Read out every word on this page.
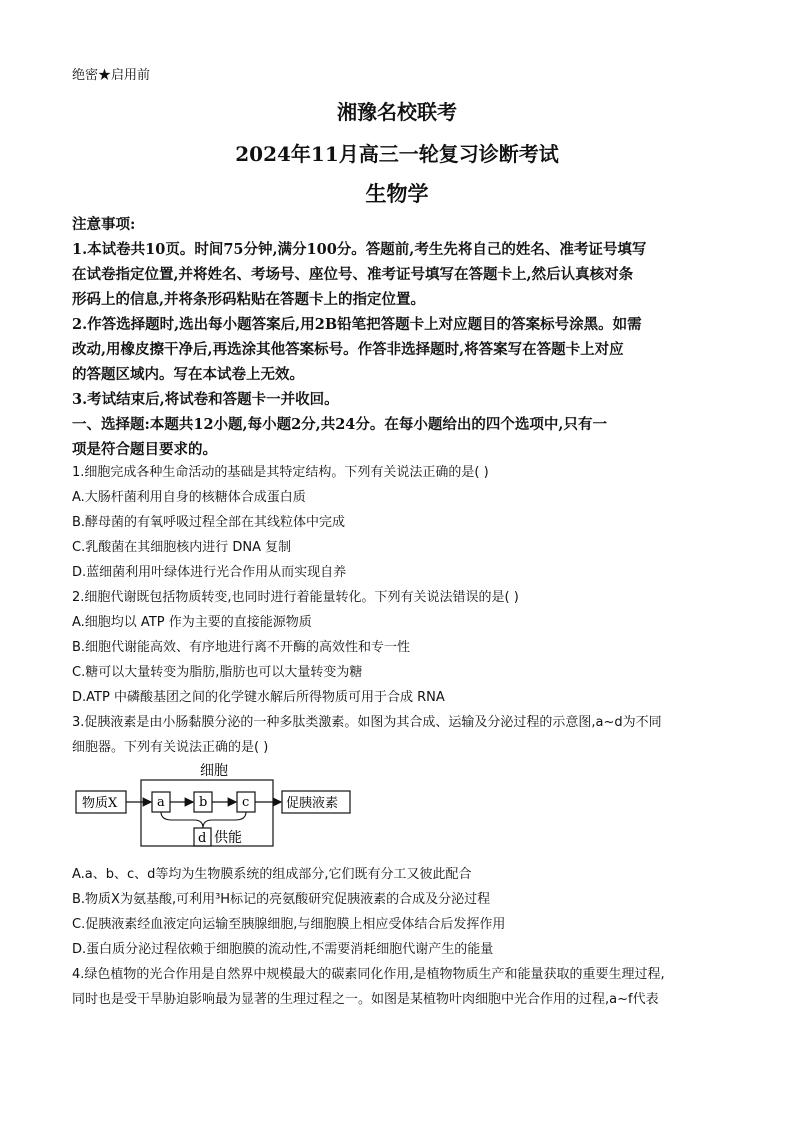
绝密★启用前
湘豫名校联考
2024年11月高三一轮复习诊断考试
生物学
注意事项:
1.本试卷共10页。时间75分钟,满分100分。答题前,考生先将自己的姓名、准考证号填写
在试卷指定位置,并将姓名、考场号、座位号、准考证号填写在答题卡上,然后认真核对条
形码上的信息,并将条形码粘贴在答题卡上的指定位置。
2.作答选择题时,选出每小题答案后,用2B铅笔把答题卡上对应题目的答案标号涂黑。如需
改动,用橡皮擦干净后,再选涂其他答案标号。作答非选择题时,将答案写在答题卡上对应
的答题区域内。写在本试卷上无效。
3.考试结束后,将试卷和答题卡一并收回。
一、选择题:本题共12小题,每小题2分,共24分。在每小题给出的四个选项中,只有一
项是符合题目要求的。
1.细胞完成各种生命活动的基础是其特定结构。下列有关说法正确的是( )
A.大肠杆菌利用自身的核糖体合成蛋白质
B.酵母菌的有氧呼吸过程全部在其线粒体中完成
C.乳酸菌在其细胞核内进行 DNA 复制
D.蓝细菌利用叶绿体进行光合作用从而实现自养
2.细胞代谢既包括物质转变,也同时进行着能量转化。下列有关说法错误的是( )
A.细胞均以 ATP 作为主要的直接能源物质
B.细胞代谢能高效、有序地进行离不开酶的高效性和专一性
C.糖可以大量转变为脂肪,脂肪也可以大量转变为糖
D.ATP 中磷酸基团之间的化学键水解后所得物质可用于合成 RNA
3.促胰液素是由小肠黏膜分泌的一种多肽类激素。如图为其合成、运输及分泌过程的示意图,a~d为不同
细胞器。下列有关说法正确的是( )
细胞
物质X	a	b	c	促胰液素
d 供能
A.a、b、c、d等均为生物膜系统的组成部分,它们既有分工又彼此配合
B.物质X为氨基酸,可利用³H标记的亮氨酸研究促胰液素的合成及分泌过程
C.促胰液素经血液定向运输至胰腺细胞,与细胞膜上相应受体结合后发挥作用
D.蛋白质分泌过程依赖于细胞膜的流动性,不需要消耗细胞代谢产生的能量
4.绿色植物的光合作用是自然界中规模最大的碳素同化作用,是植物物质生产和能量获取的重要生理过程,
同时也是受干旱胁迫影响最为显著的生理过程之一。如图是某植物叶肉细胞中光合作用的过程,a~f代表
